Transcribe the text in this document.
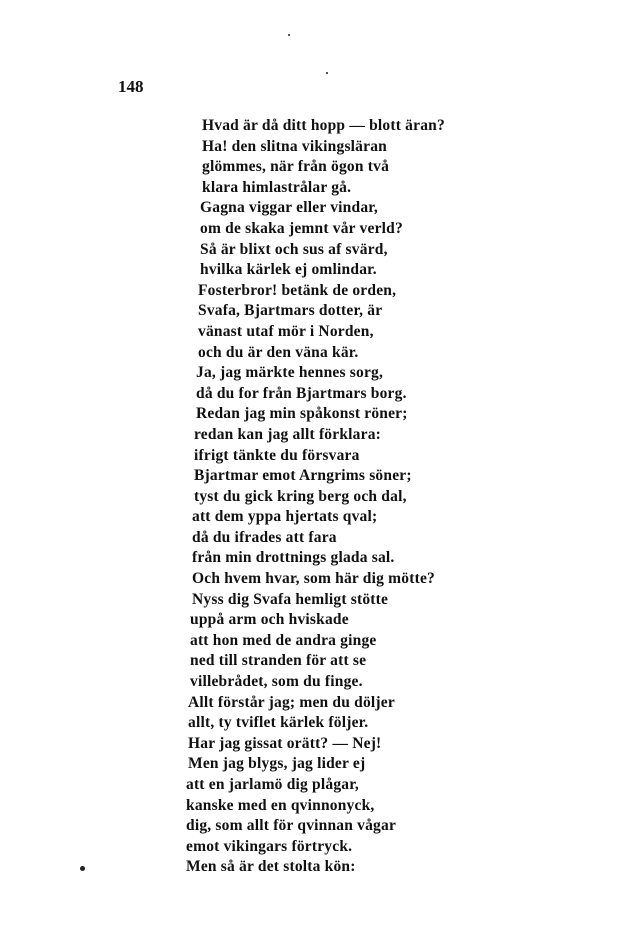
148
Hvad är då ditt hopp — blott äran?
Ha! den slitna vikingsläran
glömmes, när från ögon två
klara himlastrålar gå.
Gagna viggar eller vindar,
om de skaka jemnt vår verld?
Så är blixt och sus af svärd,
hvilka kärlek ej omlindar.
Fosterbror! betänk de orden,
Svafa, Bjartmars dotter, är
vänast utaf mör i Norden,
och du är den väna kär.
Ja, jag märkte hennes sorg,
då du for från Bjartmars borg.
Redan jag min spåkonst röner;
redan kan jag allt förklara:
ifrigt tänkte du försvara
Bjartmar emot Arngrims söner;
tyst du gick kring berg och dal,
att dem yppa hjertats qval;
då du ifrades att fara
från min drottnings glada sal.
Och hvem hvar, som här dig mötte?
Nyss dig Svafa hemligt stötte
uppå arm och hviskade
att hon med de andra ginge
ned till stranden för att se
villebrådet, som du finge.
Allt förstår jag; men du döljer
allt, ty tviflet kärlek följer.
Har jag gissat orätt? — Nej!
Men jag blygs, jag lider ej
att en jarlamö dig plågar,
kanske med en qvinnonyck,
dig, som allt för qvinnan vågar
emot vikingars förtryck.
Men så är det stolta kön:
